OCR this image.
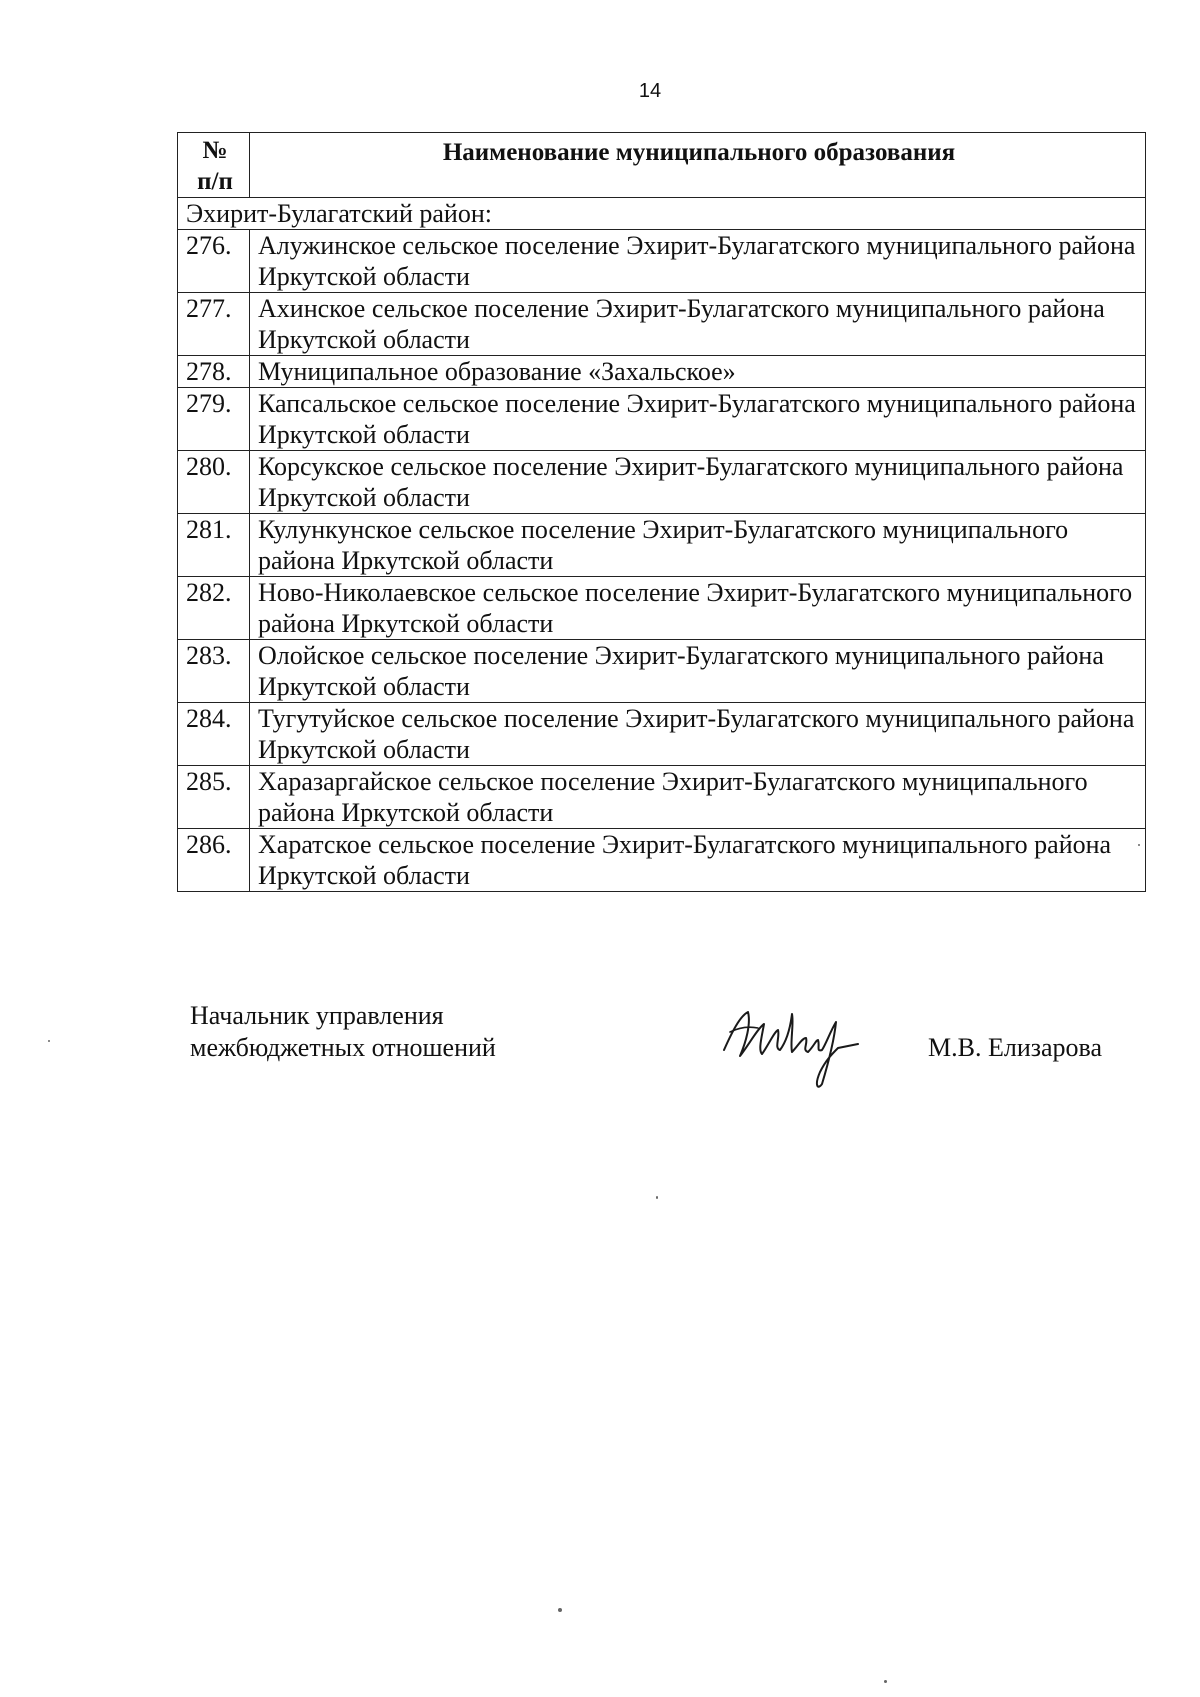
14
№
п/п	Наименование муниципального образования
Эхирит-Булагатский район:	
276.	Алужинское сельское поселение Эхирит-Булагатского муниципального района Иркутской области
277.	Ахинское сельское поселение Эхирит-Булагатского муниципального района Иркутской области
278.	Муниципальное образование «Захальское»
279.	Капсальское сельское поселение Эхирит-Булагатского муниципального района Иркутской области
280.	Корсукское сельское поселение Эхирит-Булагатского муниципального района Иркутской области
281.	Кулункунское сельское поселение Эхирит-Булагатского муниципального района Иркутской области
282.	Ново-Николаевское сельское поселение Эхирит-Булагатского муниципального района Иркутской области
283.	Олойское сельское поселение Эхирит-Булагатского муниципального района Иркутской области
284.	Тугутуйское сельское поселение Эхирит-Булагатского муниципального района Иркутской области
285.	Харазаргайское сельское поселение Эхирит-Булагатского муниципального района Иркутской области
286.	Харатское сельское поселение Эхирит-Булагатского муниципального района Иркутской области
Начальник управления
межбюджетных отношений	М.В. Елизарова
